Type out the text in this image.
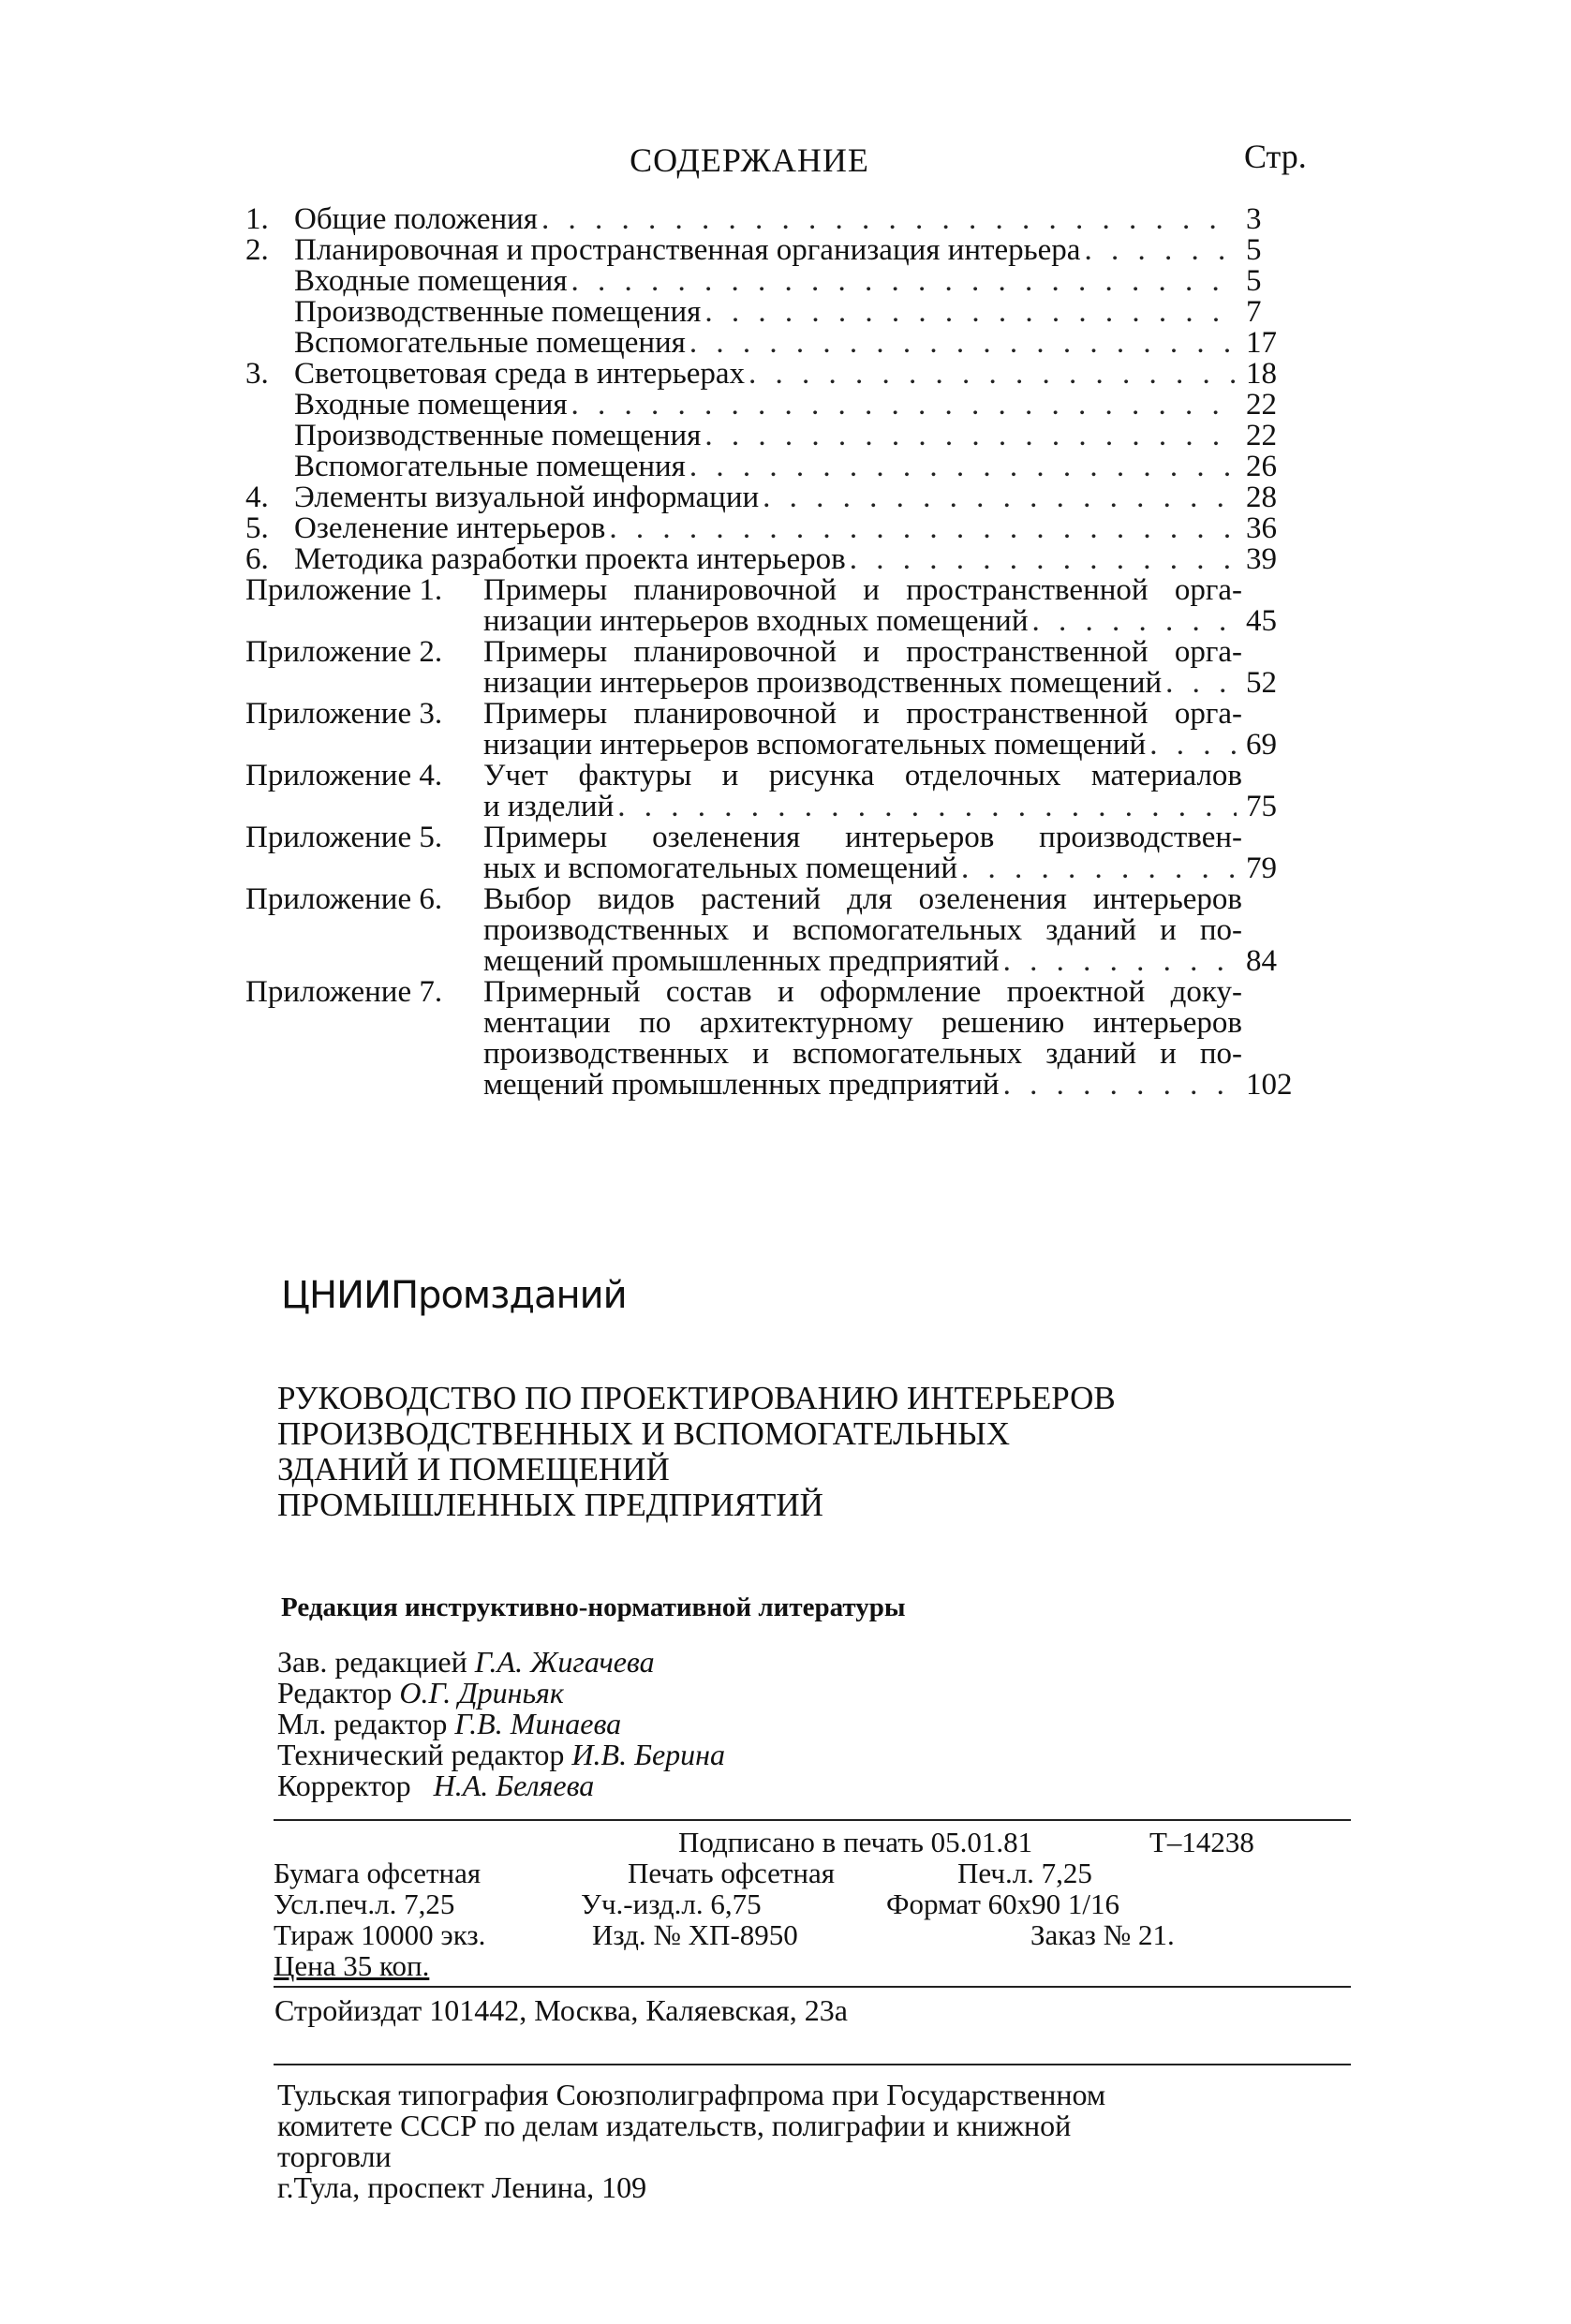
СОДЕРЖАНИЕ	Стр.
1. Общие положения . . .	3
2. Планировочная и пространственная организация интерьера . . .	5
Входные помещения . . .	5
Производственные помещения . . .	7
Вспомогательные помещения . . .	17
3. Светоцветовая среда в интерьерах . . .	18
Входные помещения . . .	22
Производственные помещения . . .	22
Вспомогательные помещения . . .	26
4. Элементы визуальной информации . . .	28
5. Озеленение интерьеров . . .	36
6. Методика разработки проекта интерьеров . . .	39
Приложение 1.	Примеры планировочной и пространственной орга-
низации интерьеров входных помещений . . .	45
Приложение 2.	Примеры планировочной и пространственной орга-
низации интерьеров производственных помещений . . .	52
Приложение 3.	Примеры планировочной и пространственной орга-
низации интерьеров вспомогательных помещений . . .	69
Приложение 4.	Учет фактуры и рисунка отделочных материалов
и изделий . . .	75
Приложение 5.	Примеры озеленения интерьеров производствен-
ных и вспомогательных помещений . . .	79
Приложение 6.	Выбор видов растений для озеленения интерьеров
производственных и вспомогательных зданий и по-
мещений промышленных предприятий . . .	84
Приложение 7.	Примерный состав и оформление проектной доку-
ментации по архитектурному решению интерьеров
производственных и вспомогательных зданий и по-
мещений промышленных предприятий . . .	102
ЦНИИПромзданий
РУКОВОДСТВО ПО ПРОЕКТИРОВАНИЮ ИНТЕРЬЕРОВ
ПРОИЗВОДСТВЕННЫХ И ВСПОМОГАТЕЛЬНЫХ
ЗДАНИЙ И ПОМЕЩЕНИЙ
ПРОМЫШЛЕННЫХ ПРЕДПРИЯТИЙ
Редакция инструктивно-нормативной литературы
Зав. редакцией Г.А. Жигачева
Редактор О.Г. Дриньяк
Мл. редактор Г.В. Минаева
Технический редактор И.В. Берина
Корректор Н.А. Беляева
Подписано в печать 05.01.81	Т–14238
Бумага офсетная	Печать офсетная	Печ.л. 7,25
Усл.печ.л. 7,25	Уч.-изд.л. 6,75	Формат 60x90 1/16
Тираж 10000 экз.	Изд. № ХП-8950	Заказ № 21.
Цена 35 коп.
Стройиздат 101442, Москва, Каляевская, 23а
Тульская типография Союзполиграфпрома при Государственном
комитете СССР по делам издательств, полиграфии и книжной
торговли
г.Тула, проспект Ленина, 109
